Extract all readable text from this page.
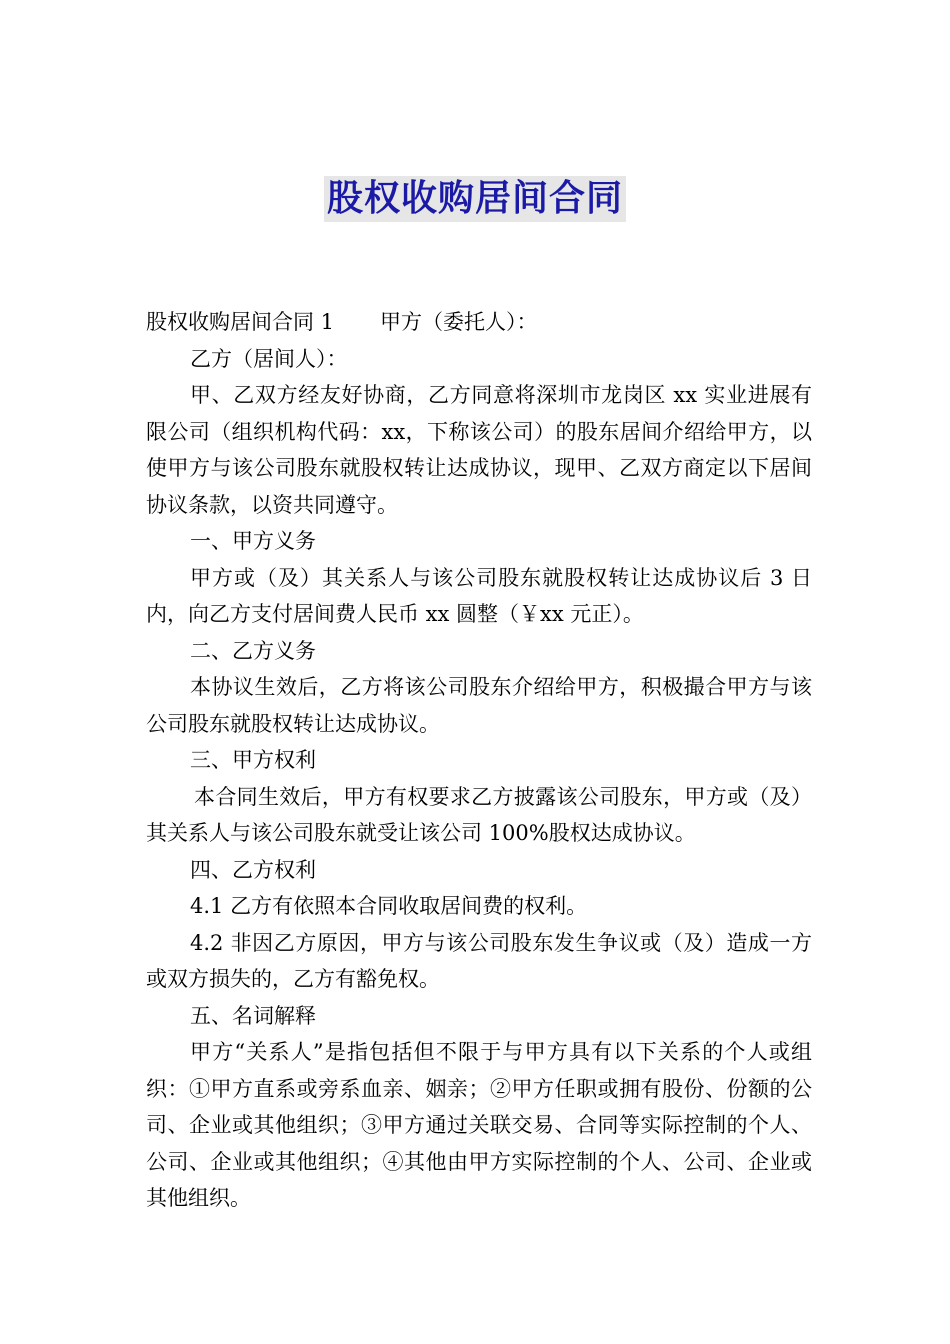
股权收购居间合同

股权收购居间合同 1 甲方（委托人）：

乙方（居间人）：

甲、乙双方经友好协商，乙方同意将深圳市龙岗区 xx 实业进展有限公司（组织机构代码：xx，下称该公司）的股东居间介绍给甲方，以使甲方与该公司股东就股权转让达成协议，现甲、乙双方商定以下居间协议条款，以资共同遵守。

一、甲方义务

甲方或（及）其关系人与该公司股东就股权转让达成协议后 3 日内，向乙方支付居间费人民币 xx 圆整（￥xx 元正）。

二、乙方义务

本协议生效后，乙方将该公司股东介绍给甲方，积极撮合甲方与该公司股东就股权转让达成协议。

三、甲方权利

本合同生效后，甲方有权要求乙方披露该公司股东，甲方或（及）其关系人与该公司股东就受让该公司 100%股权达成协议。

四、乙方权利

4.1 乙方有依照本合同收取居间费的权利。

4.2 非因乙方原因，甲方与该公司股东发生争议或（及）造成一方或双方损失的，乙方有豁免权。

五、名词解释

甲方“关系人”是指包括但不限于与甲方具有以下关系的个人或组织：①甲方直系或旁系血亲、姻亲；②甲方任职或拥有股份、份额的公司、企业或其他组织；③甲方通过关联交易、合同等实际控制的个人、公司、企业或其他组织；④其他由甲方实际控制的个人、公司、企业或其他组织。
